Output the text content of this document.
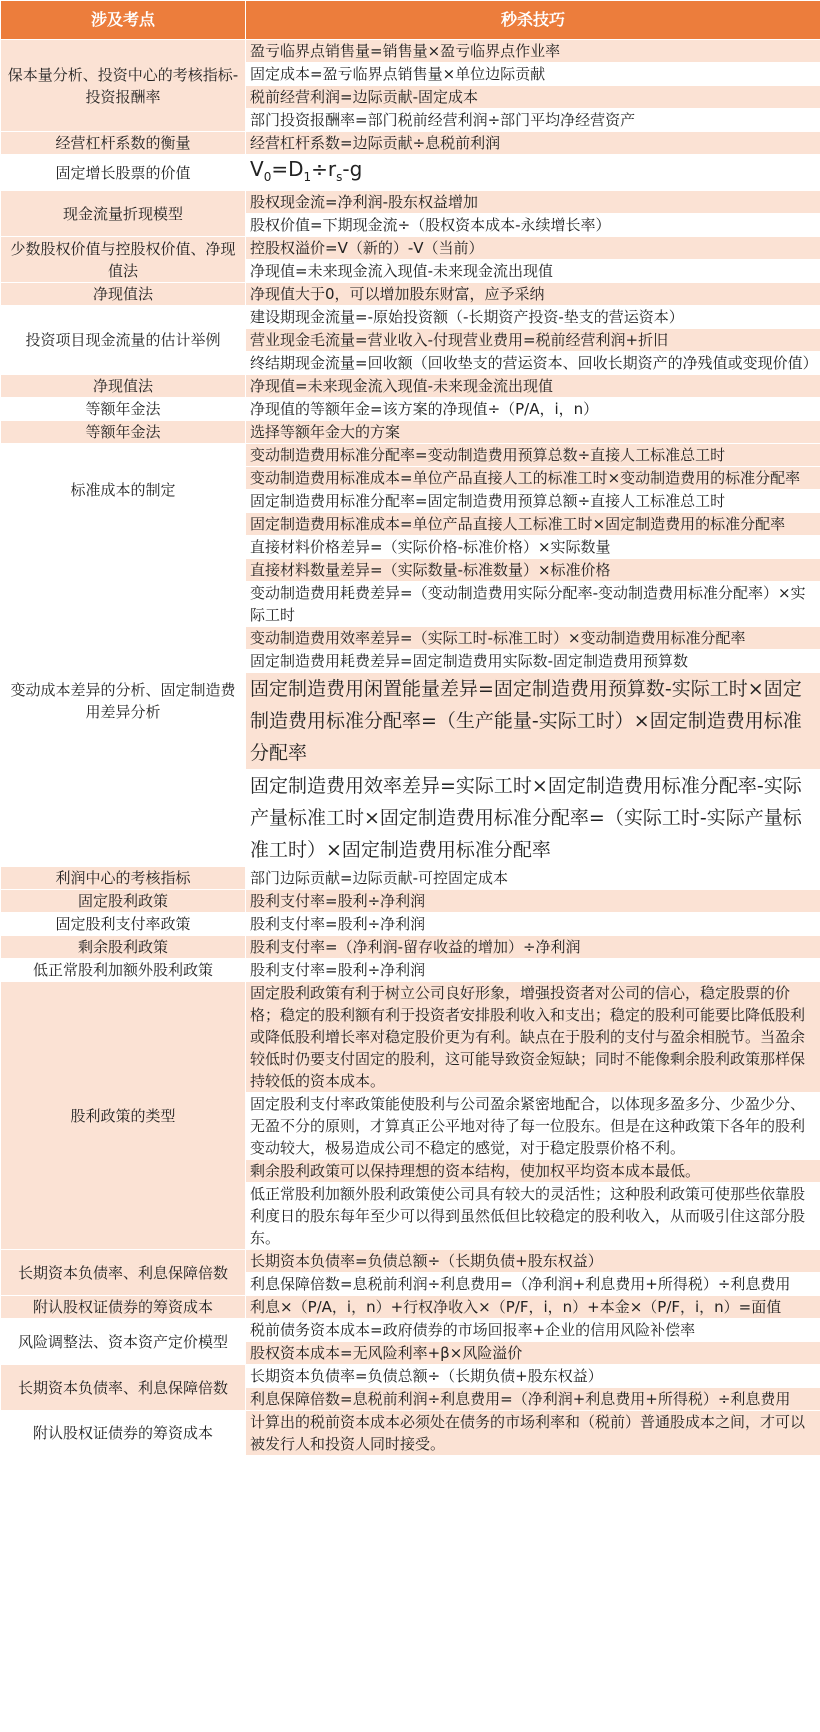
涉及考点	秒杀技巧
保本量分析、投资中心的考核指标-投资报酬率	盈亏临界点销售量=销售量×盈亏临界点作业率
	固定成本=盈亏临界点销售量×单位边际贡献
	税前经营利润=边际贡献-固定成本
	部门投资报酬率=部门税前经营利润÷部门平均净经营资产
经营杠杆系数的衡量	经营杠杆系数=边际贡献÷息税前利润
固定增长股票的价值	$V_0=D_1\div r_s-g$
现金流量折现模型	股权现金流=净利润-股东权益增加
	股权价值=下期现金流÷（股权资本成本-永续增长率）
少数股权价值与控股权价值、净现值法	控股权溢价=V（新的）-V（当前）
	净现值=未来现金流入现值-未来现金流出现值
净现值法	净现值大于0，可以增加股东财富，应予采纳
投资项目现金流量的估计举例	建设期现金流量=-原始投资额（-长期资产投资-垫支的营运资本）
	营业现金毛流量=营业收入-付现营业费用=税前经营利润+折旧
	终结期现金流量=回收额（回收垫支的营运资本、回收长期资产的净残值或变现价值）
净现值法	净现值=未来现金流入现值-未来现金流出现值
等额年金法	净现值的等额年金=该方案的净现值÷（P/A，i，n）
等额年金法	选择等额年金大的方案
标准成本的制定	变动制造费用标准分配率=变动制造费用预算总数÷直接人工标准总工时
	变动制造费用标准成本=单位产品直接人工的标准工时×变动制造费用的标准分配率
	固定制造费用标准分配率=固定制造费用预算总额÷直接人工标准总工时
	固定制造费用标准成本=单位产品直接人工标准工时×固定制造费用的标准分配率
变动成本差异的分析、固定制造费用差异分析	直接材料价格差异=（实际价格-标准价格）×实际数量
	直接材料数量差异=（实际数量-标准数量）×标准价格
	变动制造费用耗费差异=（变动制造费用实际分配率-变动制造费用标准分配率）×实际工时
	变动制造费用效率差异=（实际工时-标准工时）×变动制造费用标准分配率
	固定制造费用耗费差异=固定制造费用实际数-固定制造费用预算数
	固定制造费用闲置能量差异=固定制造费用预算数-实际工时×固定制造费用标准分配率=（生产能量-实际工时）×固定制造费用标准分配率
	固定制造费用效率差异=实际工时×固定制造费用标准分配率-实际产量标准工时×固定制造费用标准分配率=（实际工时-实际产量标准工时）×固定制造费用标准分配率
利润中心的考核指标	部门边际贡献=边际贡献-可控固定成本
固定股利政策	股利支付率=股利÷净利润
固定股利支付率政策	股利支付率=股利÷净利润
剩余股利政策	股利支付率=（净利润-留存收益的增加）÷净利润
低正常股利加额外股利政策	股利支付率=股利÷净利润
股利政策的类型	固定股利政策有利于树立公司良好形象，增强投资者对公司的信心，稳定股票的价格；稳定的股利额有利于投资者安排股利收入和支出；稳定的股利可能要比降低股利或降低股利增长率对稳定股价更为有利。缺点在于股利的支付与盈余相脱节。当盈余较低时仍要支付固定的股利，这可能导致资金短缺；同时不能像剩余股利政策那样保持较低的资本成本。
	固定股利支付率政策能使股利与公司盈余紧密地配合，以体现多盈多分、少盈少分、无盈不分的原则，才算真正公平地对待了每一位股东。但是在这种政策下各年的股利变动较大，极易造成公司不稳定的感觉，对于稳定股票价格不利。
	剩余股利政策可以保持理想的资本结构，使加权平均资本成本最低。
	低正常股利加额外股利政策使公司具有较大的灵活性；这种股利政策可使那些依靠股利度日的股东每年至少可以得到虽然低但比较稳定的股利收入，从而吸引住这部分股东。
长期资本负债率、利息保障倍数	长期资本负债率=负债总额÷（长期负债+股东权益）
	利息保障倍数=息税前利润÷利息费用=（净利润+利息费用+所得税）÷利息费用
附认股权证债券的筹资成本	利息×（P/A，i，n）+行权净收入×（P/F，i，n）+本金×（P/F，i，n）=面值
风险调整法、资本资产定价模型	税前债务资本成本=政府债券的市场回报率+企业的信用风险补偿率
	股权资本成本=无风险利率+β×风险溢价
长期资本负债率、利息保障倍数	长期资本负债率=负债总额÷（长期负债+股东权益）
	利息保障倍数=息税前利润÷利息费用=（净利润+利息费用+所得税）÷利息费用
附认股权证债券的筹资成本	计算出的税前资本成本必须处在债务的市场利率和（税前）普通股成本之间，才可以被发行人和投资人同时接受。
